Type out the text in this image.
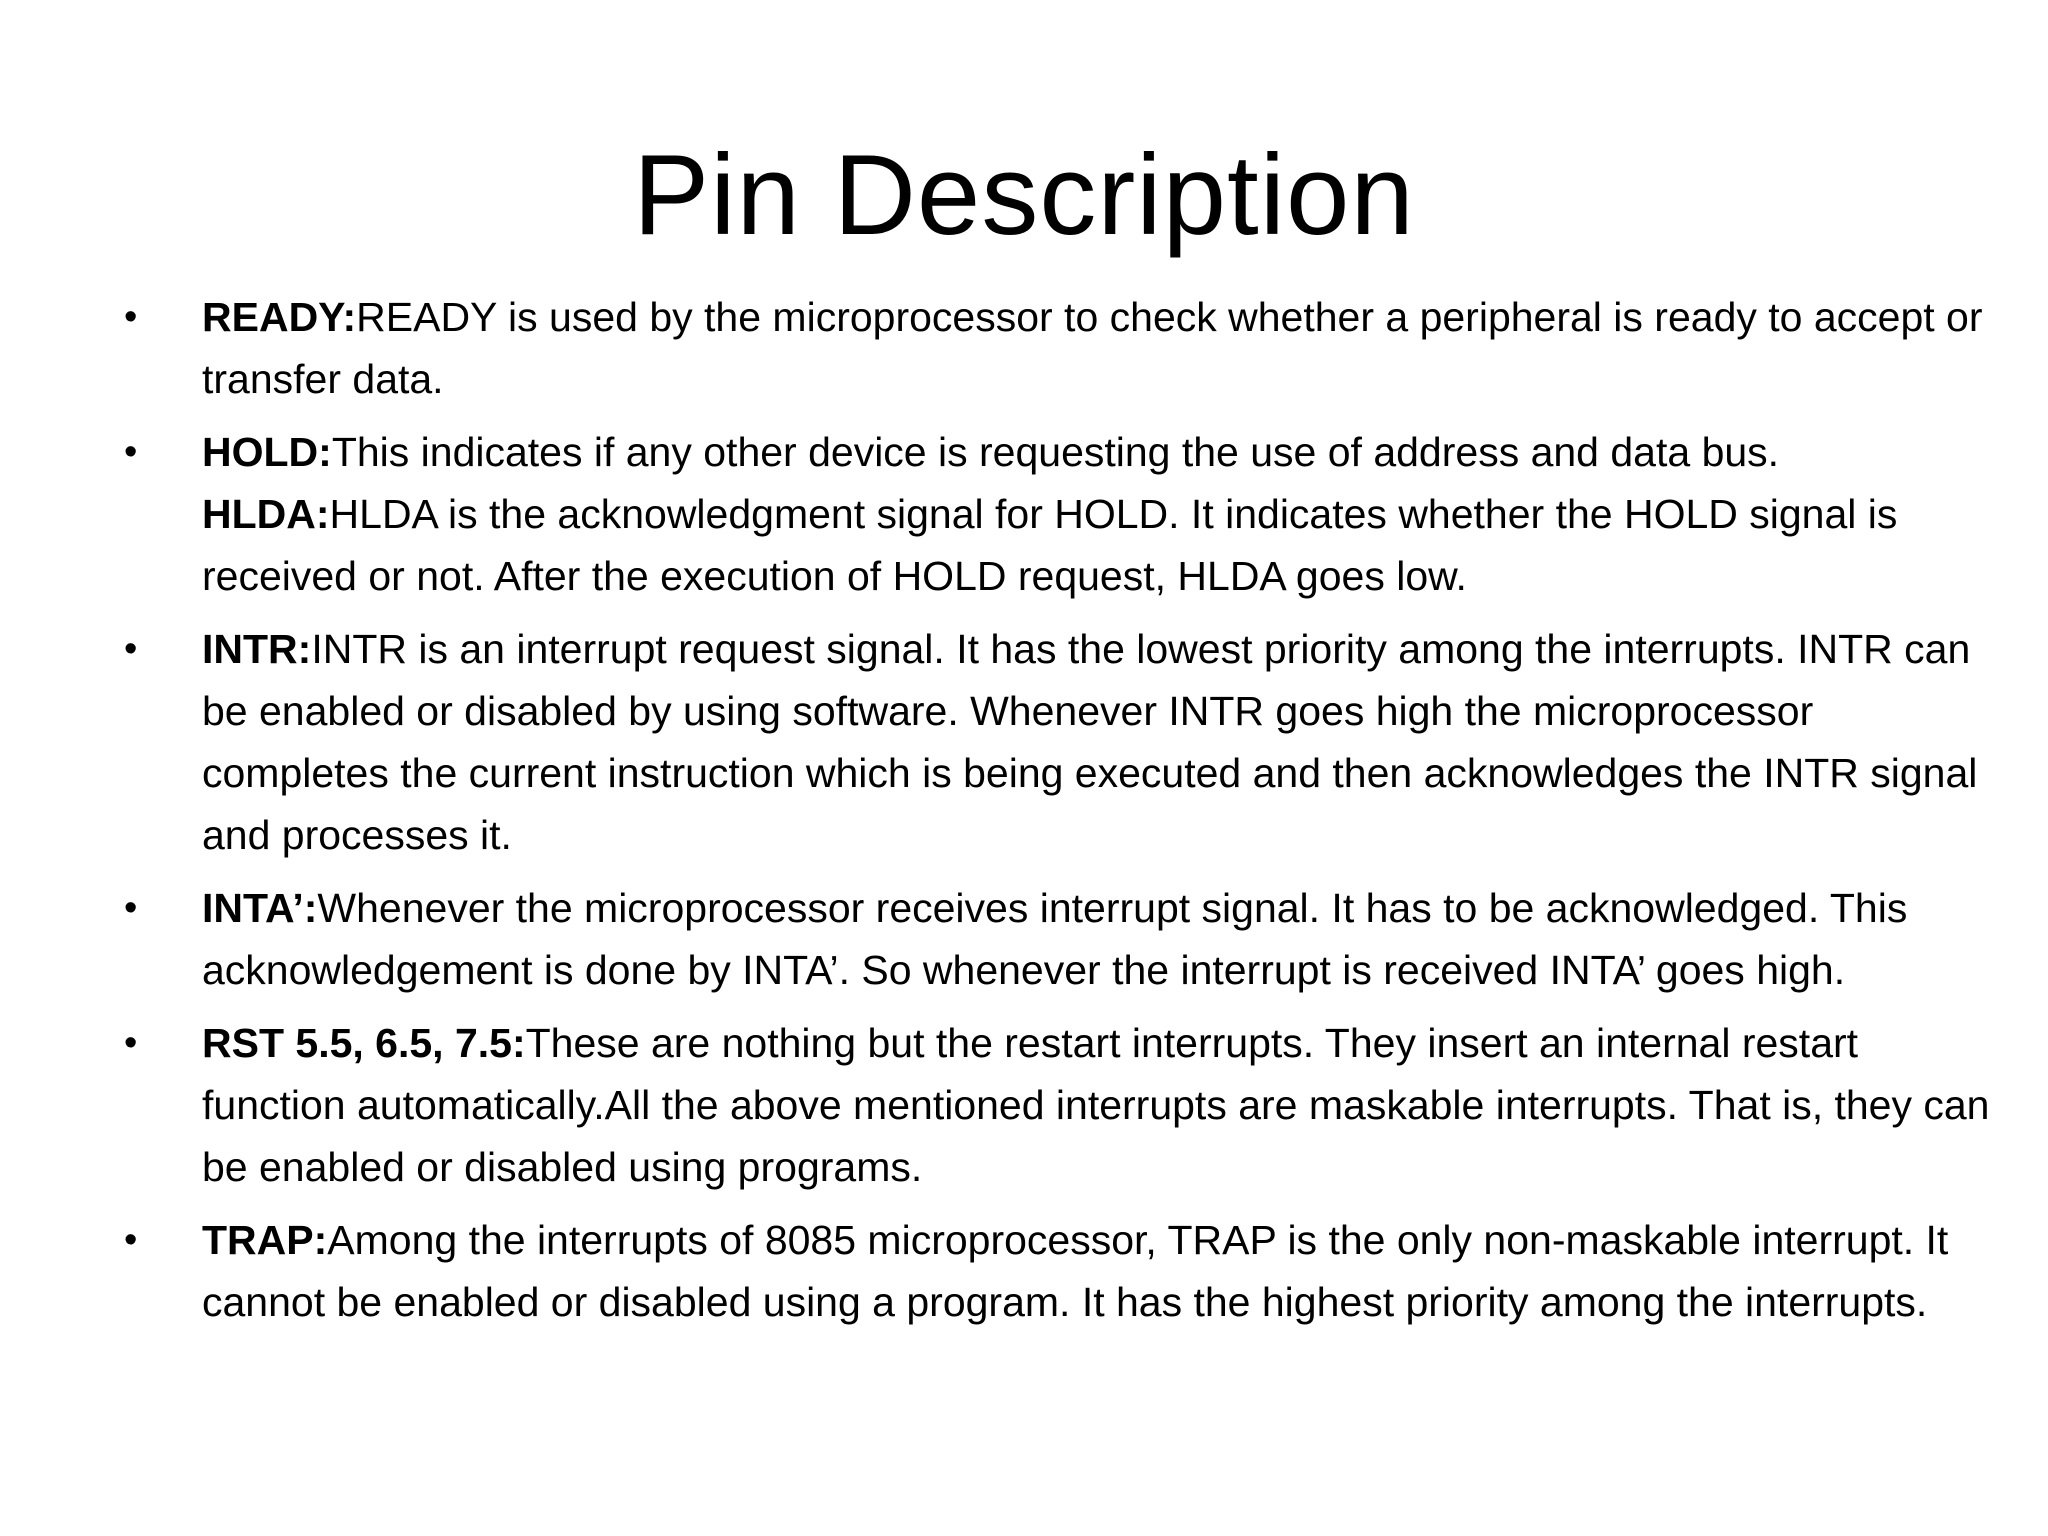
Pin Description
•	READY:READY is used by the microprocessor to check whether a peripheral is ready to accept or transfer data.
•	HOLD:This indicates if any other device is requesting the use of address and data bus. HLDA:HLDA is the acknowledgment signal for HOLD. It indicates whether the HOLD signal is received or not. After the execution of HOLD request, HLDA goes low.
•	INTR:INTR is an interrupt request signal. It has the lowest priority among the interrupts. INTR can be enabled or disabled by using software. Whenever INTR goes high the microprocessor completes the current instruction which is being executed and then acknowledges the INTR signal and processes it.
•	INTA’:Whenever the microprocessor receives interrupt signal. It has to be acknowledged. This acknowledgement is done by INTA’. So whenever the interrupt is received INTA’ goes high.
•	RST 5.5, 6.5, 7.5:These are nothing but the restart interrupts. They insert an internal restart function automatically.All the above mentioned interrupts are maskable interrupts. That is, they can be enabled or disabled using programs.
•	TRAP:Among the interrupts of 8085 microprocessor, TRAP is the only non-maskable interrupt. It cannot be enabled or disabled using a program. It has the highest priority among the interrupts.
